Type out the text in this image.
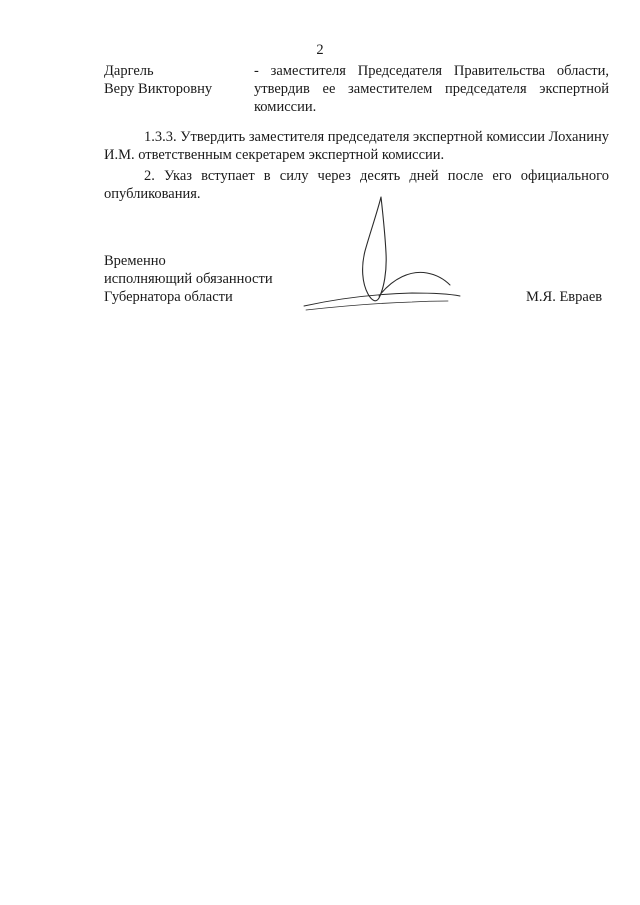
2
Даргель
Веру Викторовну
- заместителя Председателя Правительства области, утвердив ее заместителем председателя экспертной комиссии.

1.3.3. Утвердить заместителя председателя экспертной комиссии Лоханину И.М. ответственным секретарем экспертной комиссии.

2. Указ вступает в силу через десять дней после его официального опубликования.

Временно
исполняющий обязанности
Губернатора области	М.Я. Евраев
